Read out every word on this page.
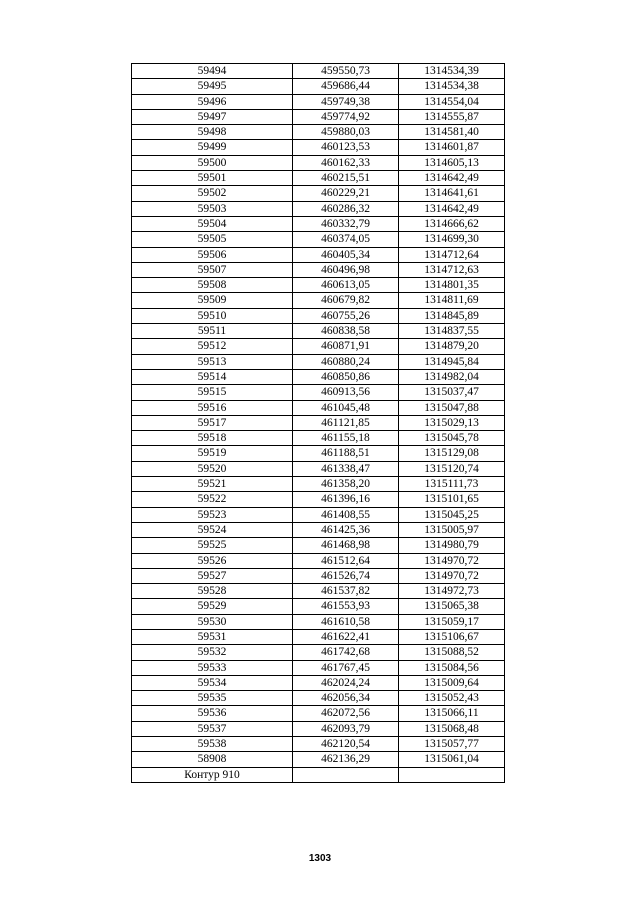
59494	459550,73	1314534,39
59495	459686,44	1314534,38
59496	459749,38	1314554,04
59497	459774,92	1314555,87
59498	459880,03	1314581,40
59499	460123,53	1314601,87
59500	460162,33	1314605,13
59501	460215,51	1314642,49
59502	460229,21	1314641,61
59503	460286,32	1314642,49
59504	460332,79	1314666,62
59505	460374,05	1314699,30
59506	460405,34	1314712,64
59507	460496,98	1314712,63
59508	460613,05	1314801,35
59509	460679,82	1314811,69
59510	460755,26	1314845,89
59511	460838,58	1314837,55
59512	460871,91	1314879,20
59513	460880,24	1314945,84
59514	460850,86	1314982,04
59515	460913,56	1315037,47
59516	461045,48	1315047,88
59517	461121,85	1315029,13
59518	461155,18	1315045,78
59519	461188,51	1315129,08
59520	461338,47	1315120,74
59521	461358,20	1315111,73
59522	461396,16	1315101,65
59523	461408,55	1315045,25
59524	461425,36	1315005,97
59525	461468,98	1314980,79
59526	461512,64	1314970,72
59527	461526,74	1314970,72
59528	461537,82	1314972,73
59529	461553,93	1315065,38
59530	461610,58	1315059,17
59531	461622,41	1315106,67
59532	461742,68	1315088,52
59533	461767,45	1315084,56
59534	462024,24	1315009,64
59535	462056,34	1315052,43
59536	462072,56	1315066,11
59537	462093,79	1315068,48
59538	462120,54	1315057,77
58908	462136,29	1315061,04
Контур 910		
1303
